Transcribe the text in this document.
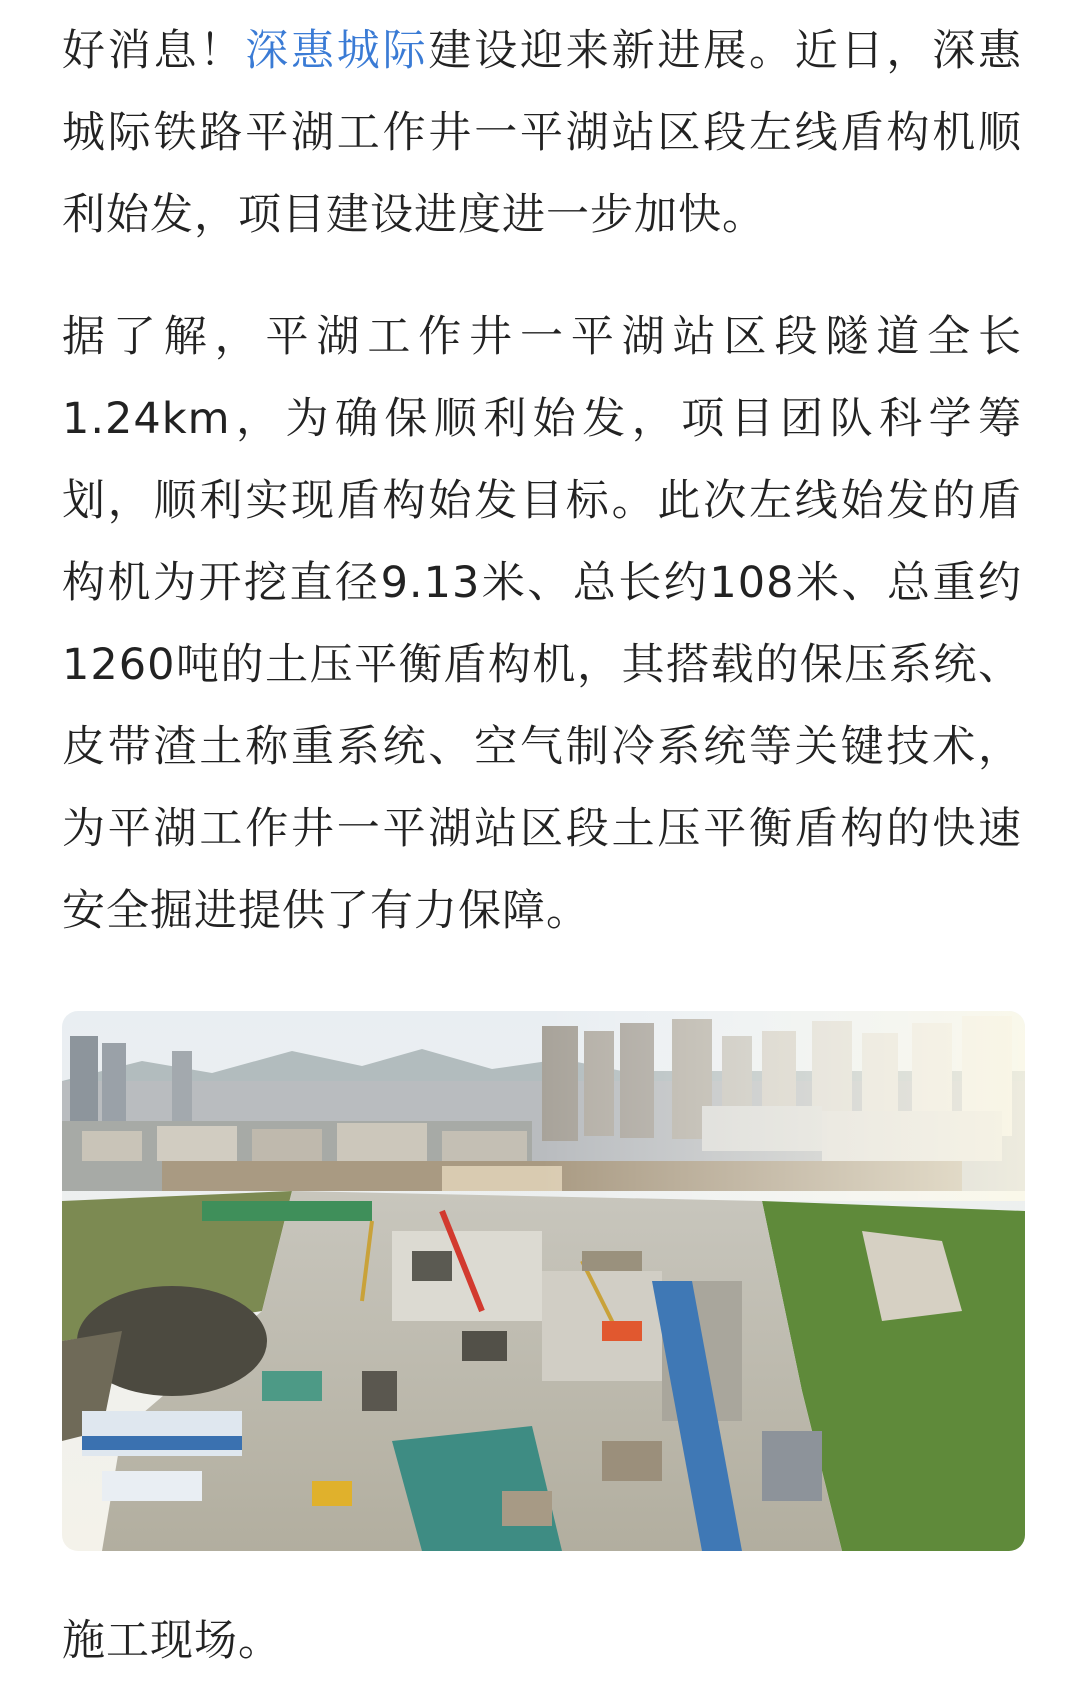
好消息！深惠城际建设迎来新进展。近日，深惠城际铁路平湖工作井一平湖站区段左线盾构机顺利始发，项目建设进度进一步加快。

据了解，平湖工作井一平湖站区段隧道全长1.24km，为确保顺利始发，项目团队科学筹划，顺利实现盾构始发目标。此次左线始发的盾构机为开挖直径9.13米、总长约108米、总重约1260吨的土压平衡盾构机，其搭载的保压系统、皮带渣土称重系统、空气制冷系统等关键技术，为平湖工作井一平湖站区段土压平衡盾构的快速安全掘进提供了有力保障。

施工现场。
